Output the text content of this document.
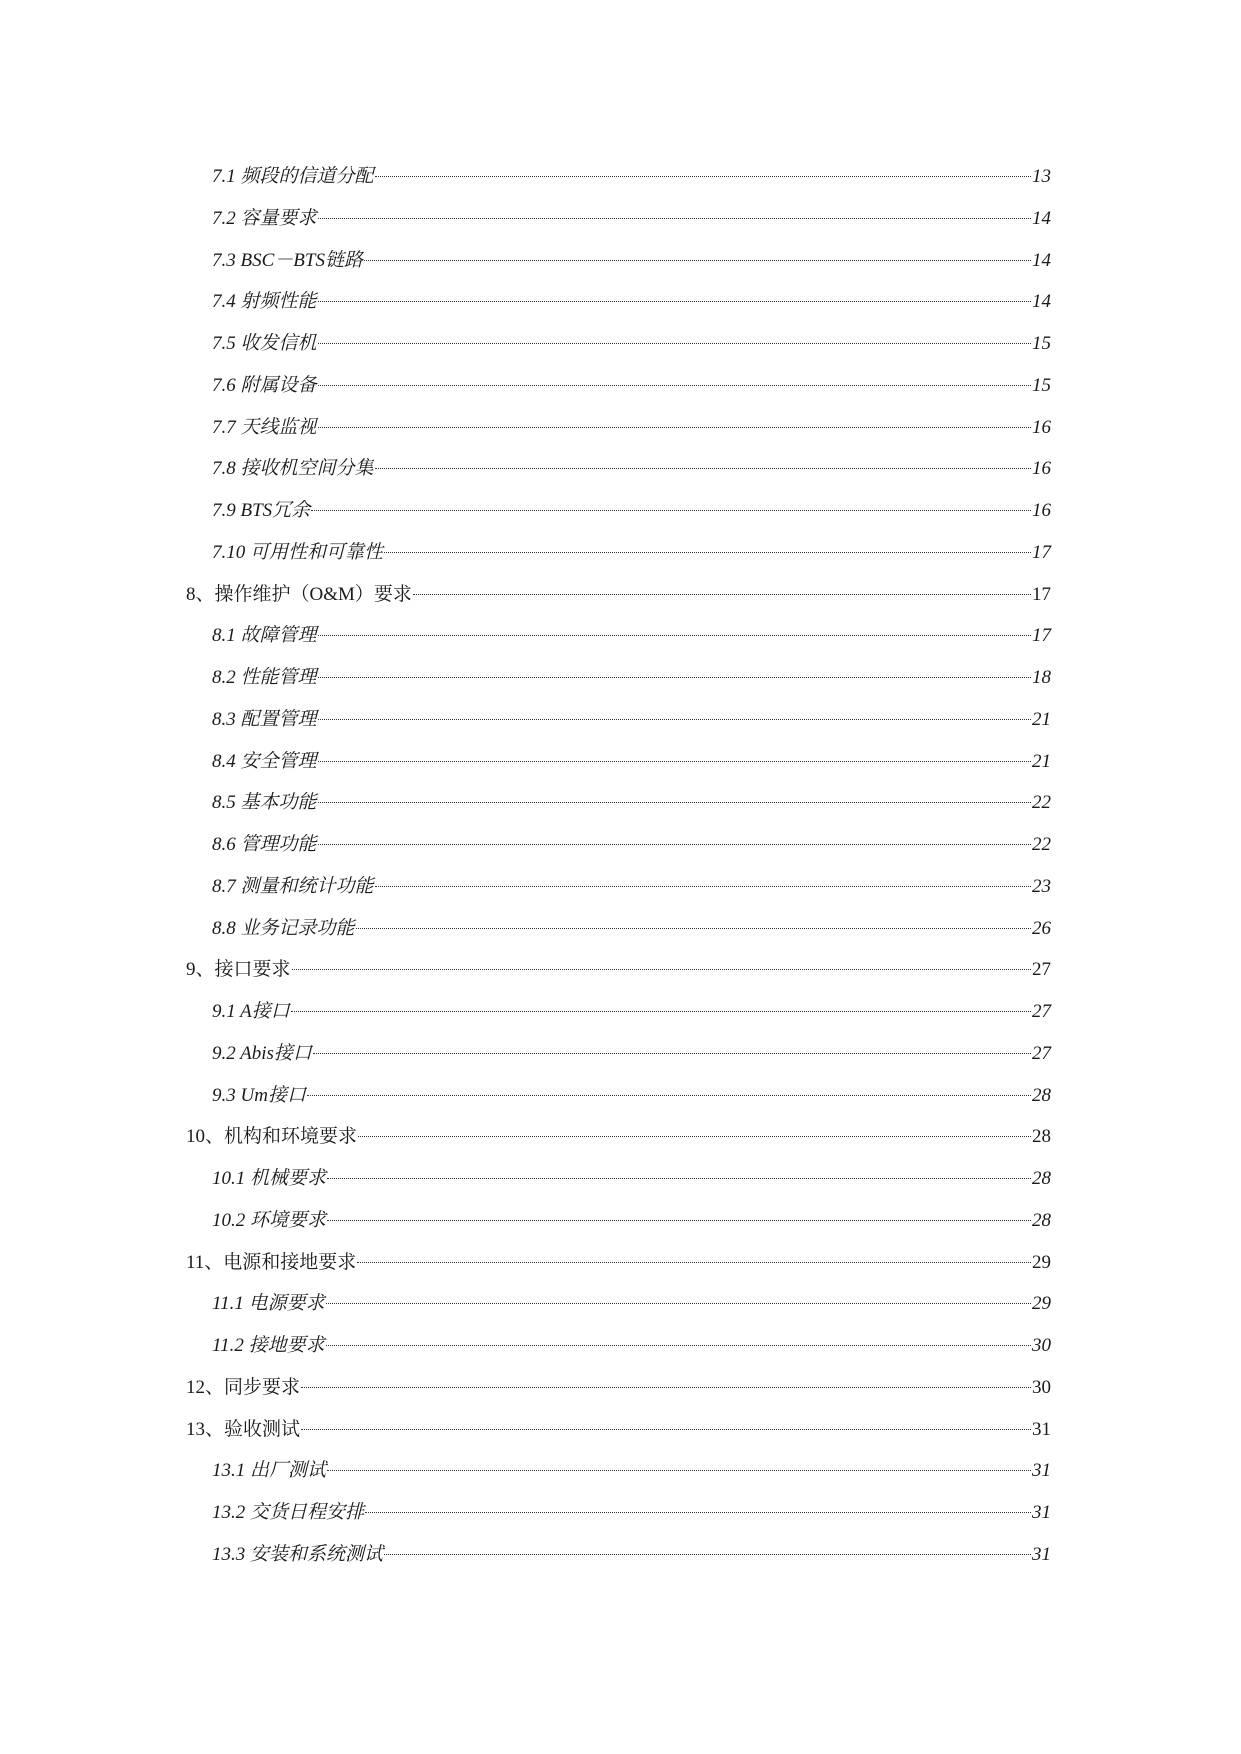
7.1 频段的信道分配	13
7.2 容量要求	14
7.3 BSC－BTS链路	14
7.4 射频性能	14
7.5 收发信机	15
7.6 附属设备	15
7.7 天线监视	16
7.8 接收机空间分集	16
7.9 BTS冗余	16
7.10 可用性和可靠性	17
8、操作维护（O&M）要求	17
8.1 故障管理	17
8.2 性能管理	18
8.3 配置管理	21
8.4 安全管理	21
8.5 基本功能	22
8.6 管理功能	22
8.7 测量和统计功能	23
8.8 业务记录功能	26
9、接口要求	27
9.1 A接口	27
9.2 Abis接口	27
9.3 Um接口	28
10、机构和环境要求	28
10.1 机械要求	28
10.2 环境要求	28
11、电源和接地要求	29
11.1 电源要求	29
11.2 接地要求	30
12、同步要求	30
13、验收测试	31
13.1 出厂测试	31
13.2 交货日程安排	31
13.3 安装和系统测试	31
